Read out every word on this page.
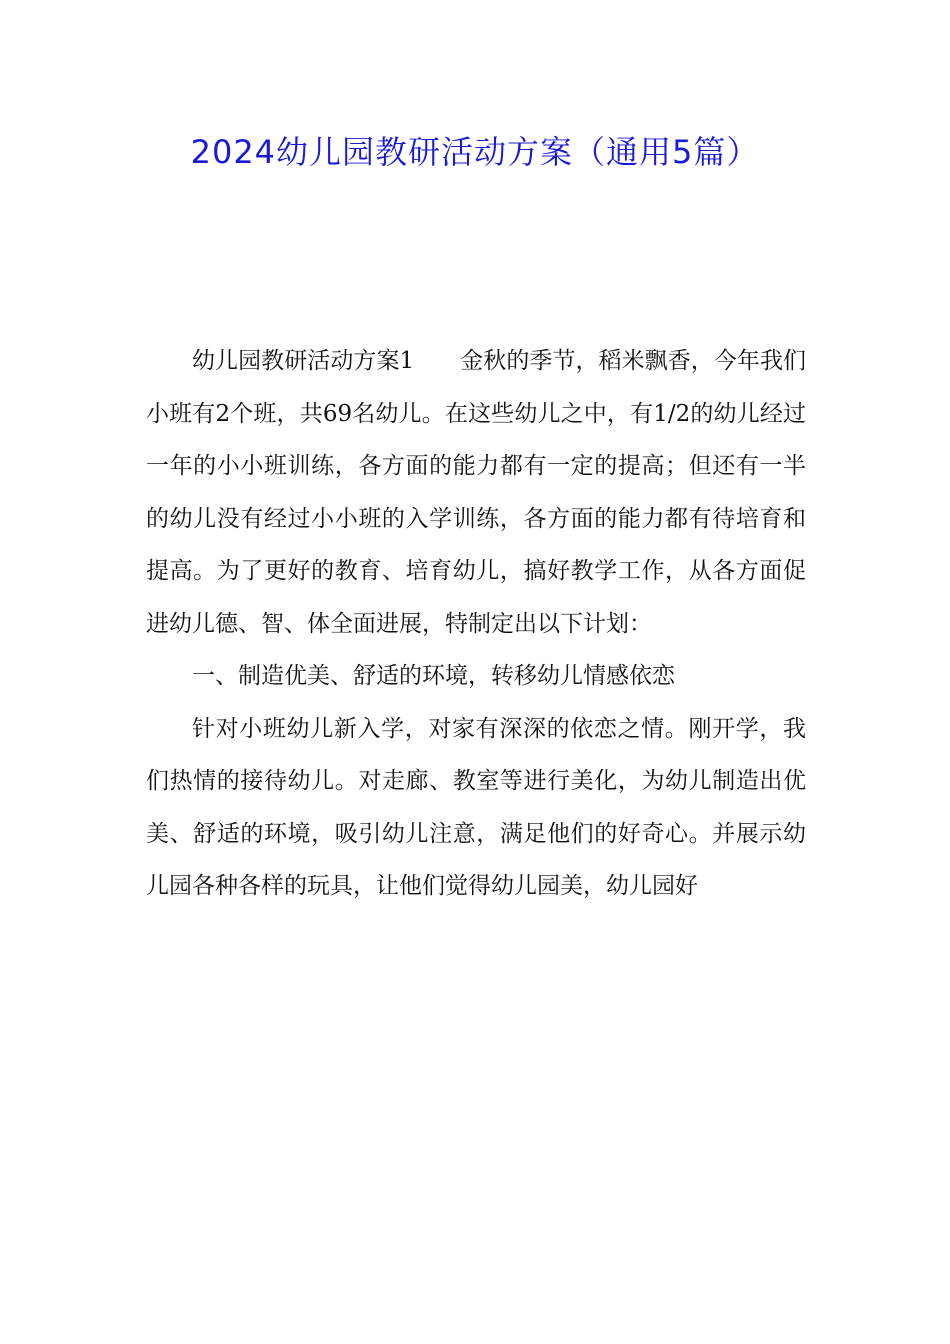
2024幼儿园教研活动方案（通用5篇）

幼儿园教研活动方案1 金秋的季节，稻米飘香，今年我们小班有2个班，共69名幼儿。在这些幼儿之中，有1/2的幼儿经过一年的小小班训练，各方面的能力都有一定的提高；但还有一半的幼儿没有经过小小班的入学训练，各方面的能力都有待培育和提高。为了更好的教育、培育幼儿，搞好教学工作，从各方面促进幼儿德、智、体全面进展，特制定出以下计划：

一、制造优美、舒适的环境，转移幼儿情感依恋

针对小班幼儿新入学，对家有深深的依恋之情。刚开学，我们热情的接待幼儿。对走廊、教室等进行美化，为幼儿制造出优美、舒适的环境，吸引幼儿注意，满足他们的好奇心。并展示幼儿园各种各样的玩具，让他们觉得幼儿园美，幼儿园好
